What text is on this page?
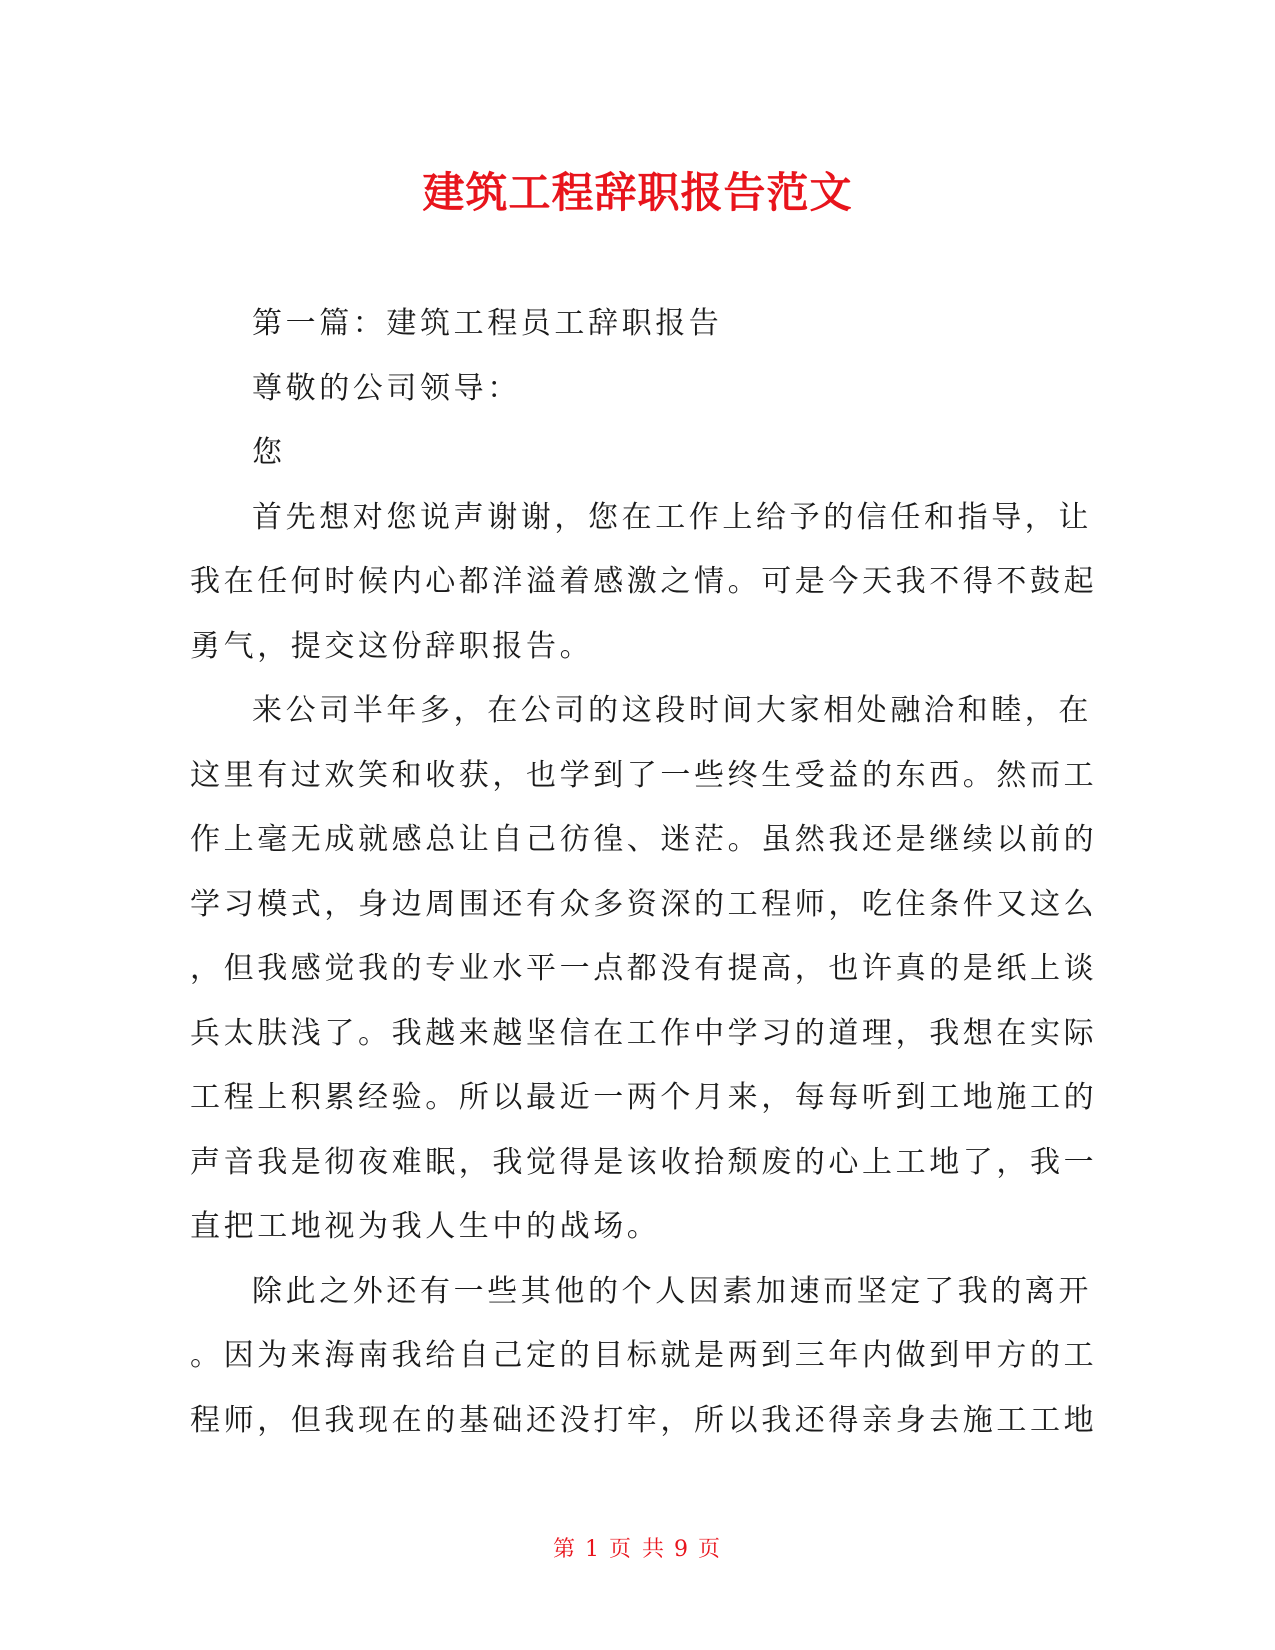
建筑工程辞职报告范文
第一篇：建筑工程员工辞职报告
尊敬的公司领导：
您
首先想对您说声谢谢，您在工作上给予的信任和指导，让
我在任何时候内心都洋溢着感激之情。可是今天我不得不鼓起
勇气，提交这份辞职报告。
来公司半年多，在公司的这段时间大家相处融洽和睦，在
这里有过欢笑和收获，也学到了一些终生受益的东西。然而工
作上毫无成就感总让自己彷徨、迷茫。虽然我还是继续以前的
学习模式，身边周围还有众多资深的工程师，吃住条件又这么
，但我感觉我的专业水平一点都没有提高，也许真的是纸上谈
兵太肤浅了。我越来越坚信在工作中学习的道理，我想在实际
工程上积累经验。所以最近一两个月来，每每听到工地施工的
声音我是彻夜难眠，我觉得是该收拾颓废的心上工地了，我一
直把工地视为我人生中的战场。
除此之外还有一些其他的个人因素加速而坚定了我的离开
。因为来海南我给自己定的目标就是两到三年内做到甲方的工
程师，但我现在的基础还没打牢，所以我还得亲身去施工工地
第 1 页 共 9 页
